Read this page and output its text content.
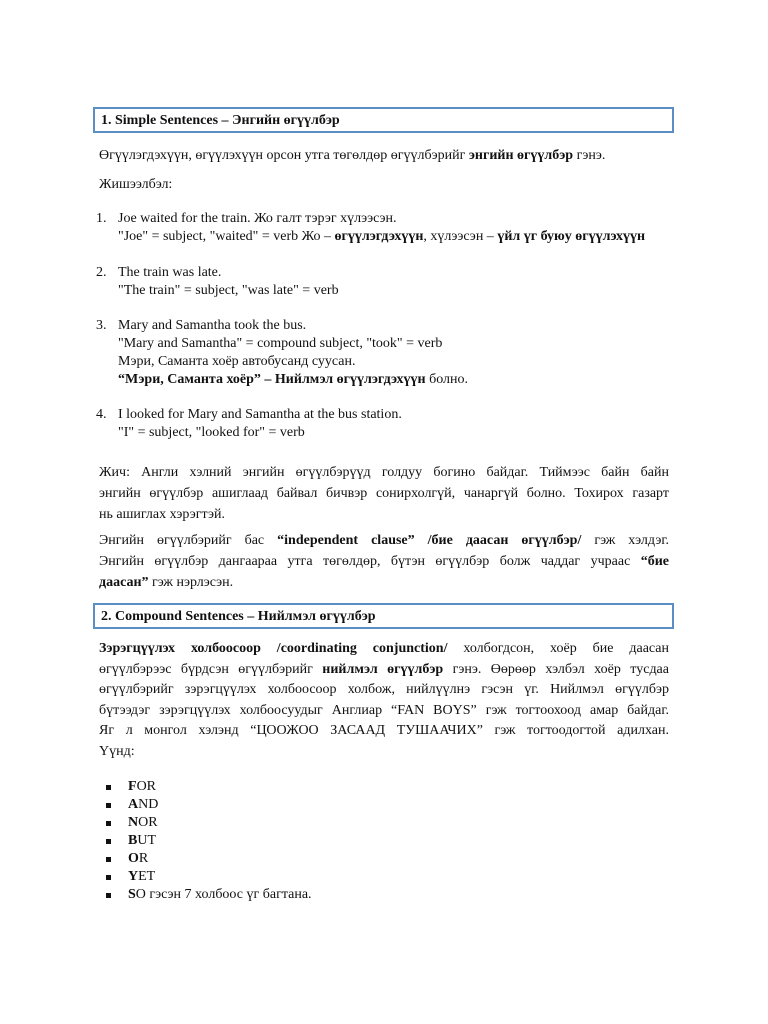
1. Simple Sentences – Энгийн өгүүлбэр
Өгүүлэгдэхүүн, өгүүлэхүүн орсон утга төгөлдөр өгүүлбэрийг энгийн өгүүлбэр гэнэ.
Жишээлбэл:
1. Joe waited for the train. Жо галт тэрэг хүлээсэн.
"Joe" = subject, "waited" = verb Жо – өгүүлэгдэхүүн, хүлээсэн – үйл үг буюу өгүүлэхүүн
2. The train was late.
"The train" = subject, "was late" = verb
3. Mary and Samantha took the bus.
"Mary and Samantha" = compound subject, "took" = verb
Мэри, Саманта хоёр автобусанд суусан.
“Мэри, Саманта хоёр” – Нийлмэл өгүүлэгдэхүүн болно.
4. I looked for Mary and Samantha at the bus station.
"I" = subject, "looked for" = verb
Жич: Англи хэлний энгийн өгүүлбэрүүд голдуу богино байдаг. Тиймээс байн байн
энгийн өгүүлбэр ашиглаад байвал бичвэр сонирхолгүй, чанаргүй болно. Тохирох газарт
нь ашиглах хэрэгтэй.
Энгийн өгүүлбэрийг бас “independent clause” /бие даасан өгүүлбэр/ гэж хэлдэг.
Энгийн өгүүлбэр дангаараа утга төгөлдөр, бүтэн өгүүлбэр болж чаддаг учраас “бие
даасан” гэж нэрлэсэн.
2. Compound Sentences – Нийлмэл өгүүлбэр
Зэрэгцүүлэх холбоосоор /coordinating conjunction/ холбогдсон, хоёр бие даасан
өгүүлбэрээс бүрдсэн өгүүлбэрийг нийлмэл өгүүлбэр гэнэ. Өөрөөр хэлбэл хоёр тусдаа
өгүүлбэрийг зэрэгцүүлэх холбоосоор холбож, нийлүүлнэ гэсэн үг. Нийлмэл өгүүлбэр
бүтээдэг зэрэгцүүлэх холбоосуудыг Англиар “FAN BOYS” гэж тогтоохоод амар байдаг.
Яг л монгол хэлэнд “ЦООЖОО ЗАСААД ТУШААЧИХ” гэж тогтоодогтой адилхан.
Үүнд:
FOR
AND
NOR
BUT
OR
YET
SO гэсэн 7 холбоос үг багтана.
